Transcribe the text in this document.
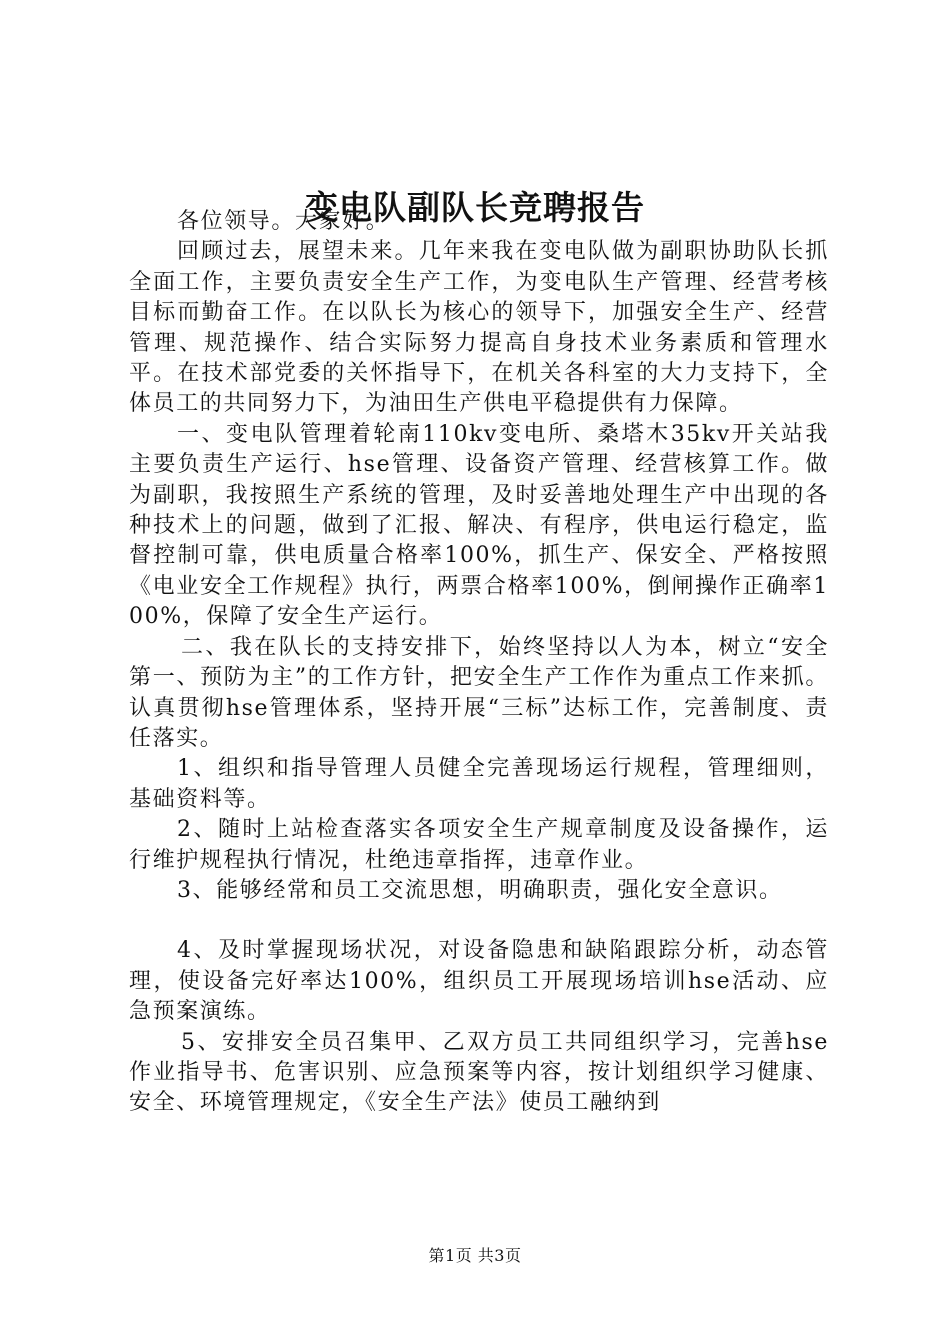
变电队副队长竞聘报告

各位领导。大家好。

回顾过去，展望未来。几年来我在变电队做为副职协助队长抓全面工作，主要负责安全生产工作，为变电队生产管理、经营考核目标而勤奋工作。在以队长为核心的领导下，加强安全生产、经营管理、规范操作、结合实际努力提高自身技术业务素质和管理水平。在技术部党委的关怀指导下，在机关各科室的大力支持下，全体员工的共同努力下，为油田生产供电平稳提供有力保障。

一、变电队管理着轮南110kv变电所、桑塔木35kv开关站我主要负责生产运行、hse管理、设备资产管理、经营核算工作。做为副职，我按照生产系统的管理，及时妥善地处理生产中出现的各种技术上的问题，做到了汇报、解决、有程序，供电运行稳定，监督控制可靠，供电质量合格率100%，抓生产、保安全、严格按照《电业安全工作规程》执行，两票合格率100%，倒闸操作正确率100%，保障了安全生产运行。

二、我在队长的支持安排下，始终坚持以人为本，树立“安全第一、预防为主”的工作方针，把安全生产工作作为重点工作来抓。认真贯彻hse管理体系，坚持开展“三标”达标工作，完善制度、责任落实。

1、组织和指导管理人员健全完善现场运行规程，管理细则，基础资料等。

2、随时上站检查落实各项安全生产规章制度及设备操作，运行维护规程执行情况，杜绝违章指挥，违章作业。

3、能够经常和员工交流思想，明确职责，强化安全意识。

4、及时掌握现场状况，对设备隐患和缺陷跟踪分析，动态管理，使设备完好率达100%，组织员工开展现场培训hse活动、应急预案演练。

5、安排安全员召集甲、乙双方员工共同组织学习，完善hse作业指导书、危害识别、应急预案等内容，按计划组织学习健康、安全、环境管理规定，《安全生产法》使员工融纳到

第1页 共3页
